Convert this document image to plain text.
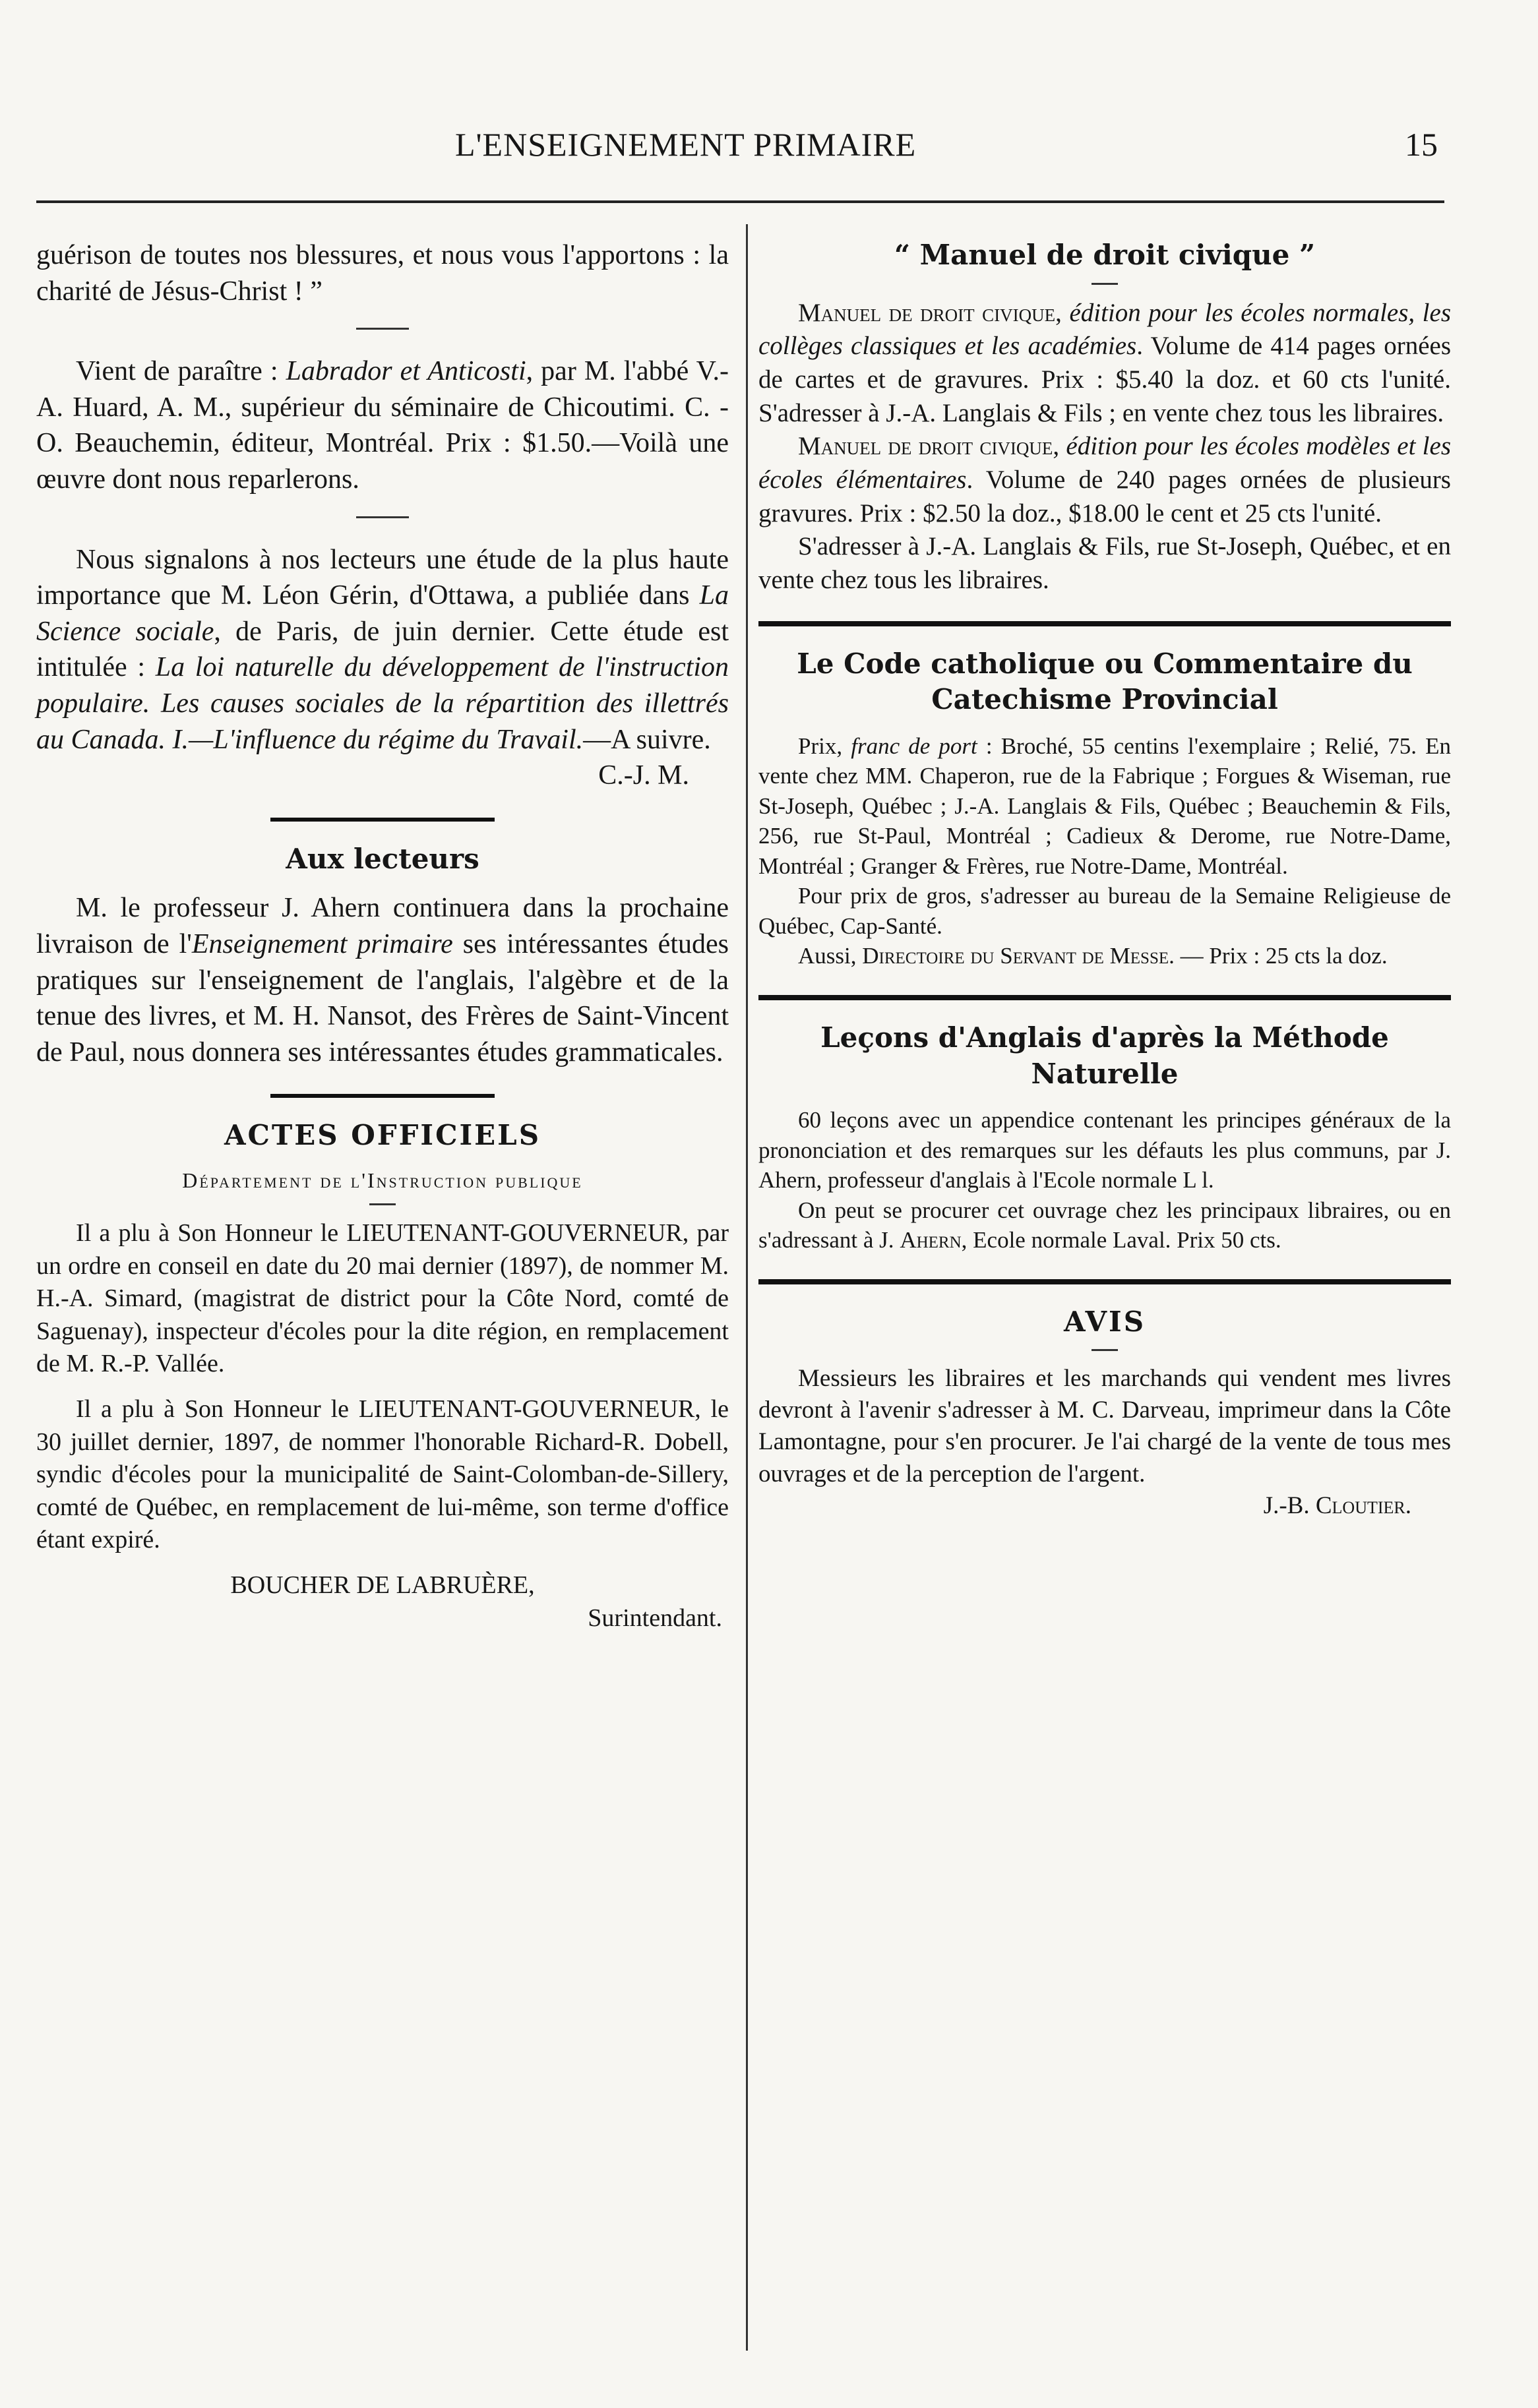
L'ENSEIGNEMENT PRIMAIRE	15

guérison de toutes nos blessures, et nous vous l'apportons : la charité de Jésus-Christ ! ”

Vient de paraître : Labrador et Anticosti, par M. l'abbé V.-A. Huard, A. M., supérieur du séminaire de Chicoutimi. C. - O. Beauchemin, éditeur, Montréal. Prix : $1.50.—Voilà une œuvre dont nous reparlerons.

Nous signalons à nos lecteurs une étude de la plus haute importance que M. Léon Gérin, d'Ottawa, a publiée dans La Science sociale, de Paris, de juin dernier. Cette étude est intitulée : La loi naturelle du développement de l'instruction populaire. Les causes sociales de la répartition des illettrés au Canada. I.—L'influence du régime du Travail.—A suivre.

C.-J. M.

Aux lecteurs

M. le professeur J. Ahern continuera dans la prochaine livraison de l'Enseignement primaire ses intéressantes études pratiques sur l'enseignement de l'anglais, l'algèbre et de la tenue des livres, et M. H. Nansot, des Frères de Saint-Vincent de Paul, nous donnera ses intéressantes études grammaticales.

ACTES OFFICIELS
Département de l'Instruction publique

Il a plu à Son Honneur le LIEUTENANT-GOUVERNEUR, par un ordre en conseil en date du 20 mai dernier (1897), de nommer M. H.-A. Simard, (magistrat de district pour la Côte Nord, comté de Saguenay), inspecteur d'écoles pour la dite région, en remplacement de M. R.-P. Vallée.

Il a plu à Son Honneur le LIEUTENANT-GOUVERNEUR, le 30 juillet dernier, 1897, de nommer l'honorable Richard-R. Dobell, syndic d'écoles pour la municipalité de Saint-Colomban-de-Sillery, comté de Québec, en remplacement de lui-même, son terme d'office étant expiré.

BOUCHER DE LABRUÈRE,

Surintendant.

“ Manuel de droit civique ”

Manuel de droit civique, édition pour les écoles normales, les collèges classiques et les académies. Volume de 414 pages ornées de cartes et de gravures. Prix : $5.40 la doz. et 60 cts l'unité. S'adresser à J.-A. Langlais & Fils ; en vente chez tous les libraires.

Manuel de droit civique, édition pour les écoles modèles et les écoles élémentaires. Volume de 240 pages ornées de plusieurs gravures. Prix : $2.50 la doz., $18.00 le cent et 25 cts l'unité.

S'adresser à J.-A. Langlais & Fils, rue St-Joseph, Québec, et en vente chez tous les libraires.

Le Code catholique ou Commentaire du Catechisme Provincial

Prix, franc de port : Broché, 55 centins l'exemplaire ; Relié, 75. En vente chez MM. Chaperon, rue de la Fabrique ; Forgues & Wiseman, rue St-Joseph, Québec ; J.-A. Langlais & Fils, Québec ; Beauchemin & Fils, 256, rue St-Paul, Montréal ; Cadieux & Derome, rue Notre-Dame, Montréal ; Granger & Frères, rue Notre-Dame, Montréal.

Pour prix de gros, s'adresser au bureau de la Semaine Religieuse de Québec, Cap-Santé.

Aussi, Directoire du Servant de Messe. — Prix : 25 cts la doz.

Leçons d'Anglais d'après la Méthode Naturelle

60 leçons avec un appendice contenant les principes généraux de la prononciation et des remarques sur les défauts les plus communs, par J. Ahern, professeur d'anglais à l'Ecole normale L l.

On peut se procurer cet ouvrage chez les principaux libraires, ou en s'adressant à J. Ahern, Ecole normale Laval. Prix 50 cts.

AVIS

Messieurs les libraires et les marchands qui vendent mes livres devront à l'avenir s'adresser à M. C. Darveau, imprimeur dans la Côte Lamontagne, pour s'en procurer. Je l'ai chargé de la vente de tous mes ouvrages et de la perception de l'argent.

J.-B. Cloutier.
